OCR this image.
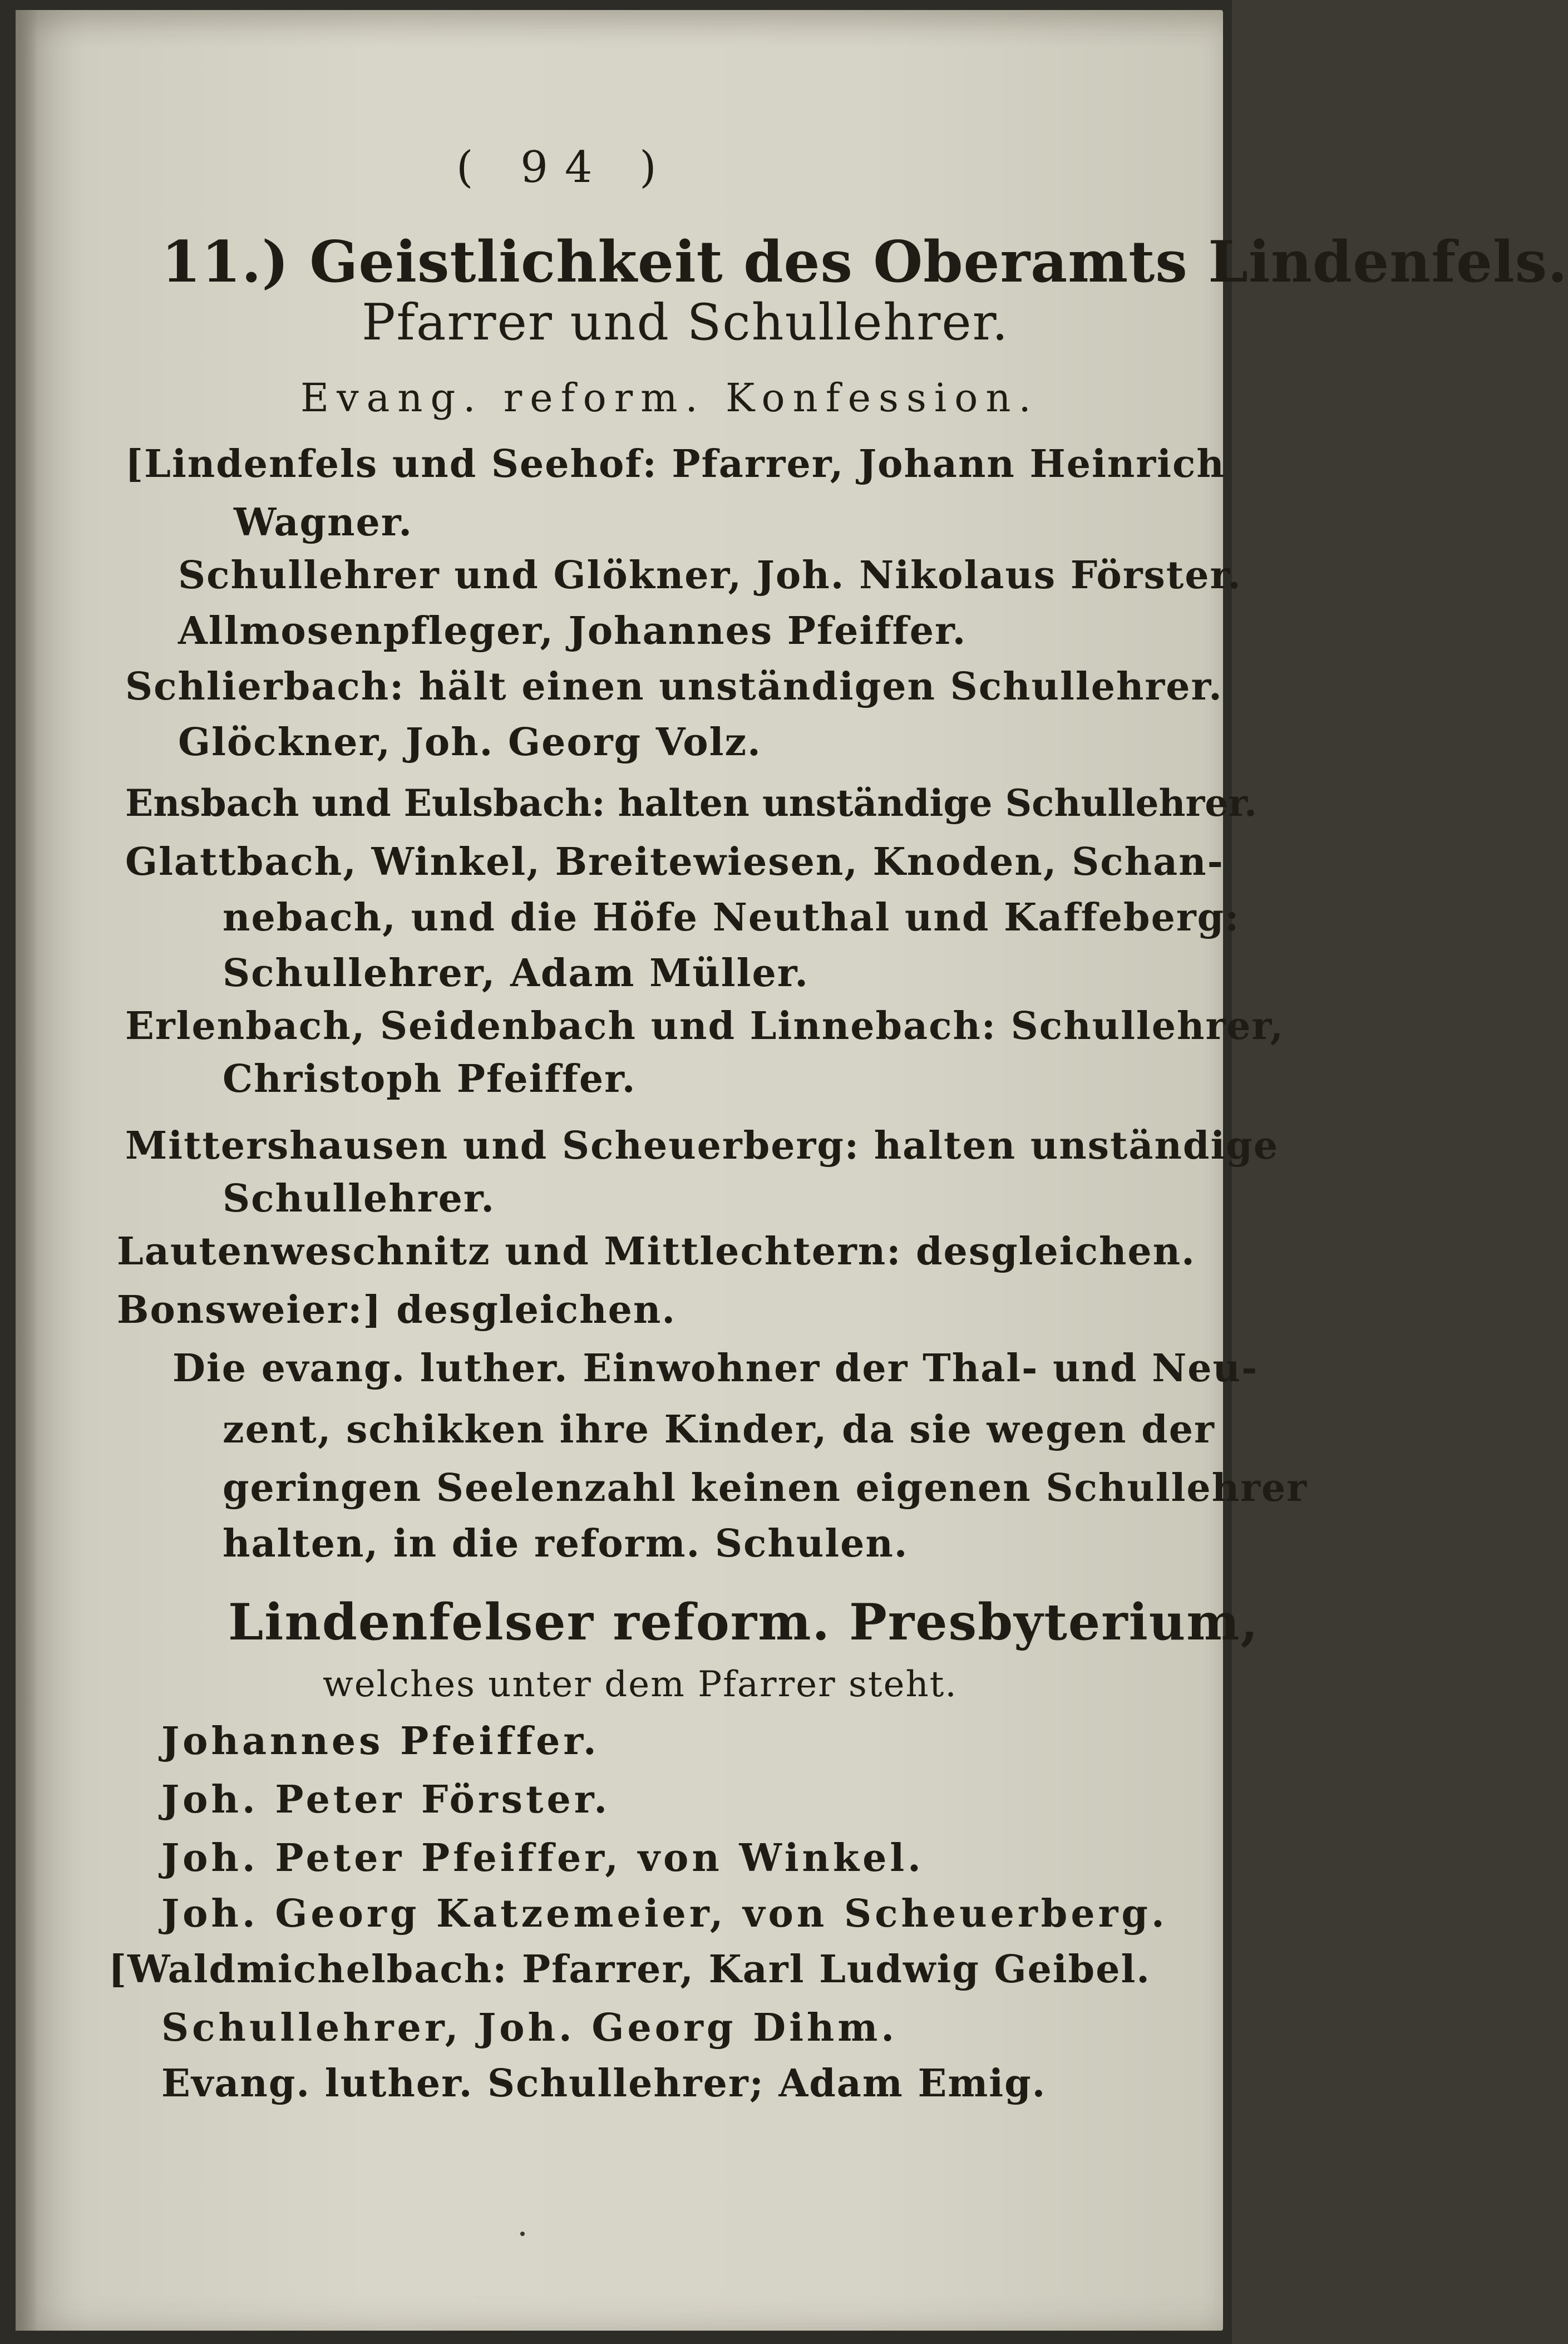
( 94 )
11.) Geistlichkeit des Oberamts Lindenfels.
Pfarrer und Schullehrer.
Evang. reform. Konfession.
[Lindenfels und Seehof: Pfarrer, Johann Heinrich
Wagner.
Schullehrer und Glökner, Joh. Nikolaus Förster.
Allmosenpfleger, Johannes Pfeiffer.
Schlierbach: hält einen unständigen Schullehrer.
Glöckner, Joh. Georg Volz.
Ensbach und Eulsbach: halten unständige Schullehrer.
Glattbach, Winkel, Breitewiesen, Knoden, Schan-
nebach, und die Höfe Neuthal und Kaffeberg:
Schullehrer, Adam Müller.
Erlenbach, Seidenbach und Linnebach: Schullehrer,
Christoph Pfeiffer.
Mittershausen und Scheuerberg: halten unständige
Schullehrer.
Lautenweschnitz und Mittlechtern: desgleichen.
Bonsweier:] desgleichen.
Die evang. luther. Einwohner der Thal- und Neu-
zent, schikken ihre Kinder, da sie wegen der
geringen Seelenzahl keinen eigenen Schullehrer
halten, in die reform. Schulen.
Lindenfelser reform. Presbyterium,
welches unter dem Pfarrer steht.
Johannes Pfeiffer.
Joh. Peter Förster.
Joh. Peter Pfeiffer, von Winkel.
Joh. Georg Katzemeier, von Scheuerberg.
[Waldmichelbach: Pfarrer, Karl Ludwig Geibel.
Schullehrer, Joh. Georg Dihm.
Evang. luther. Schullehrer; Adam Emig.
